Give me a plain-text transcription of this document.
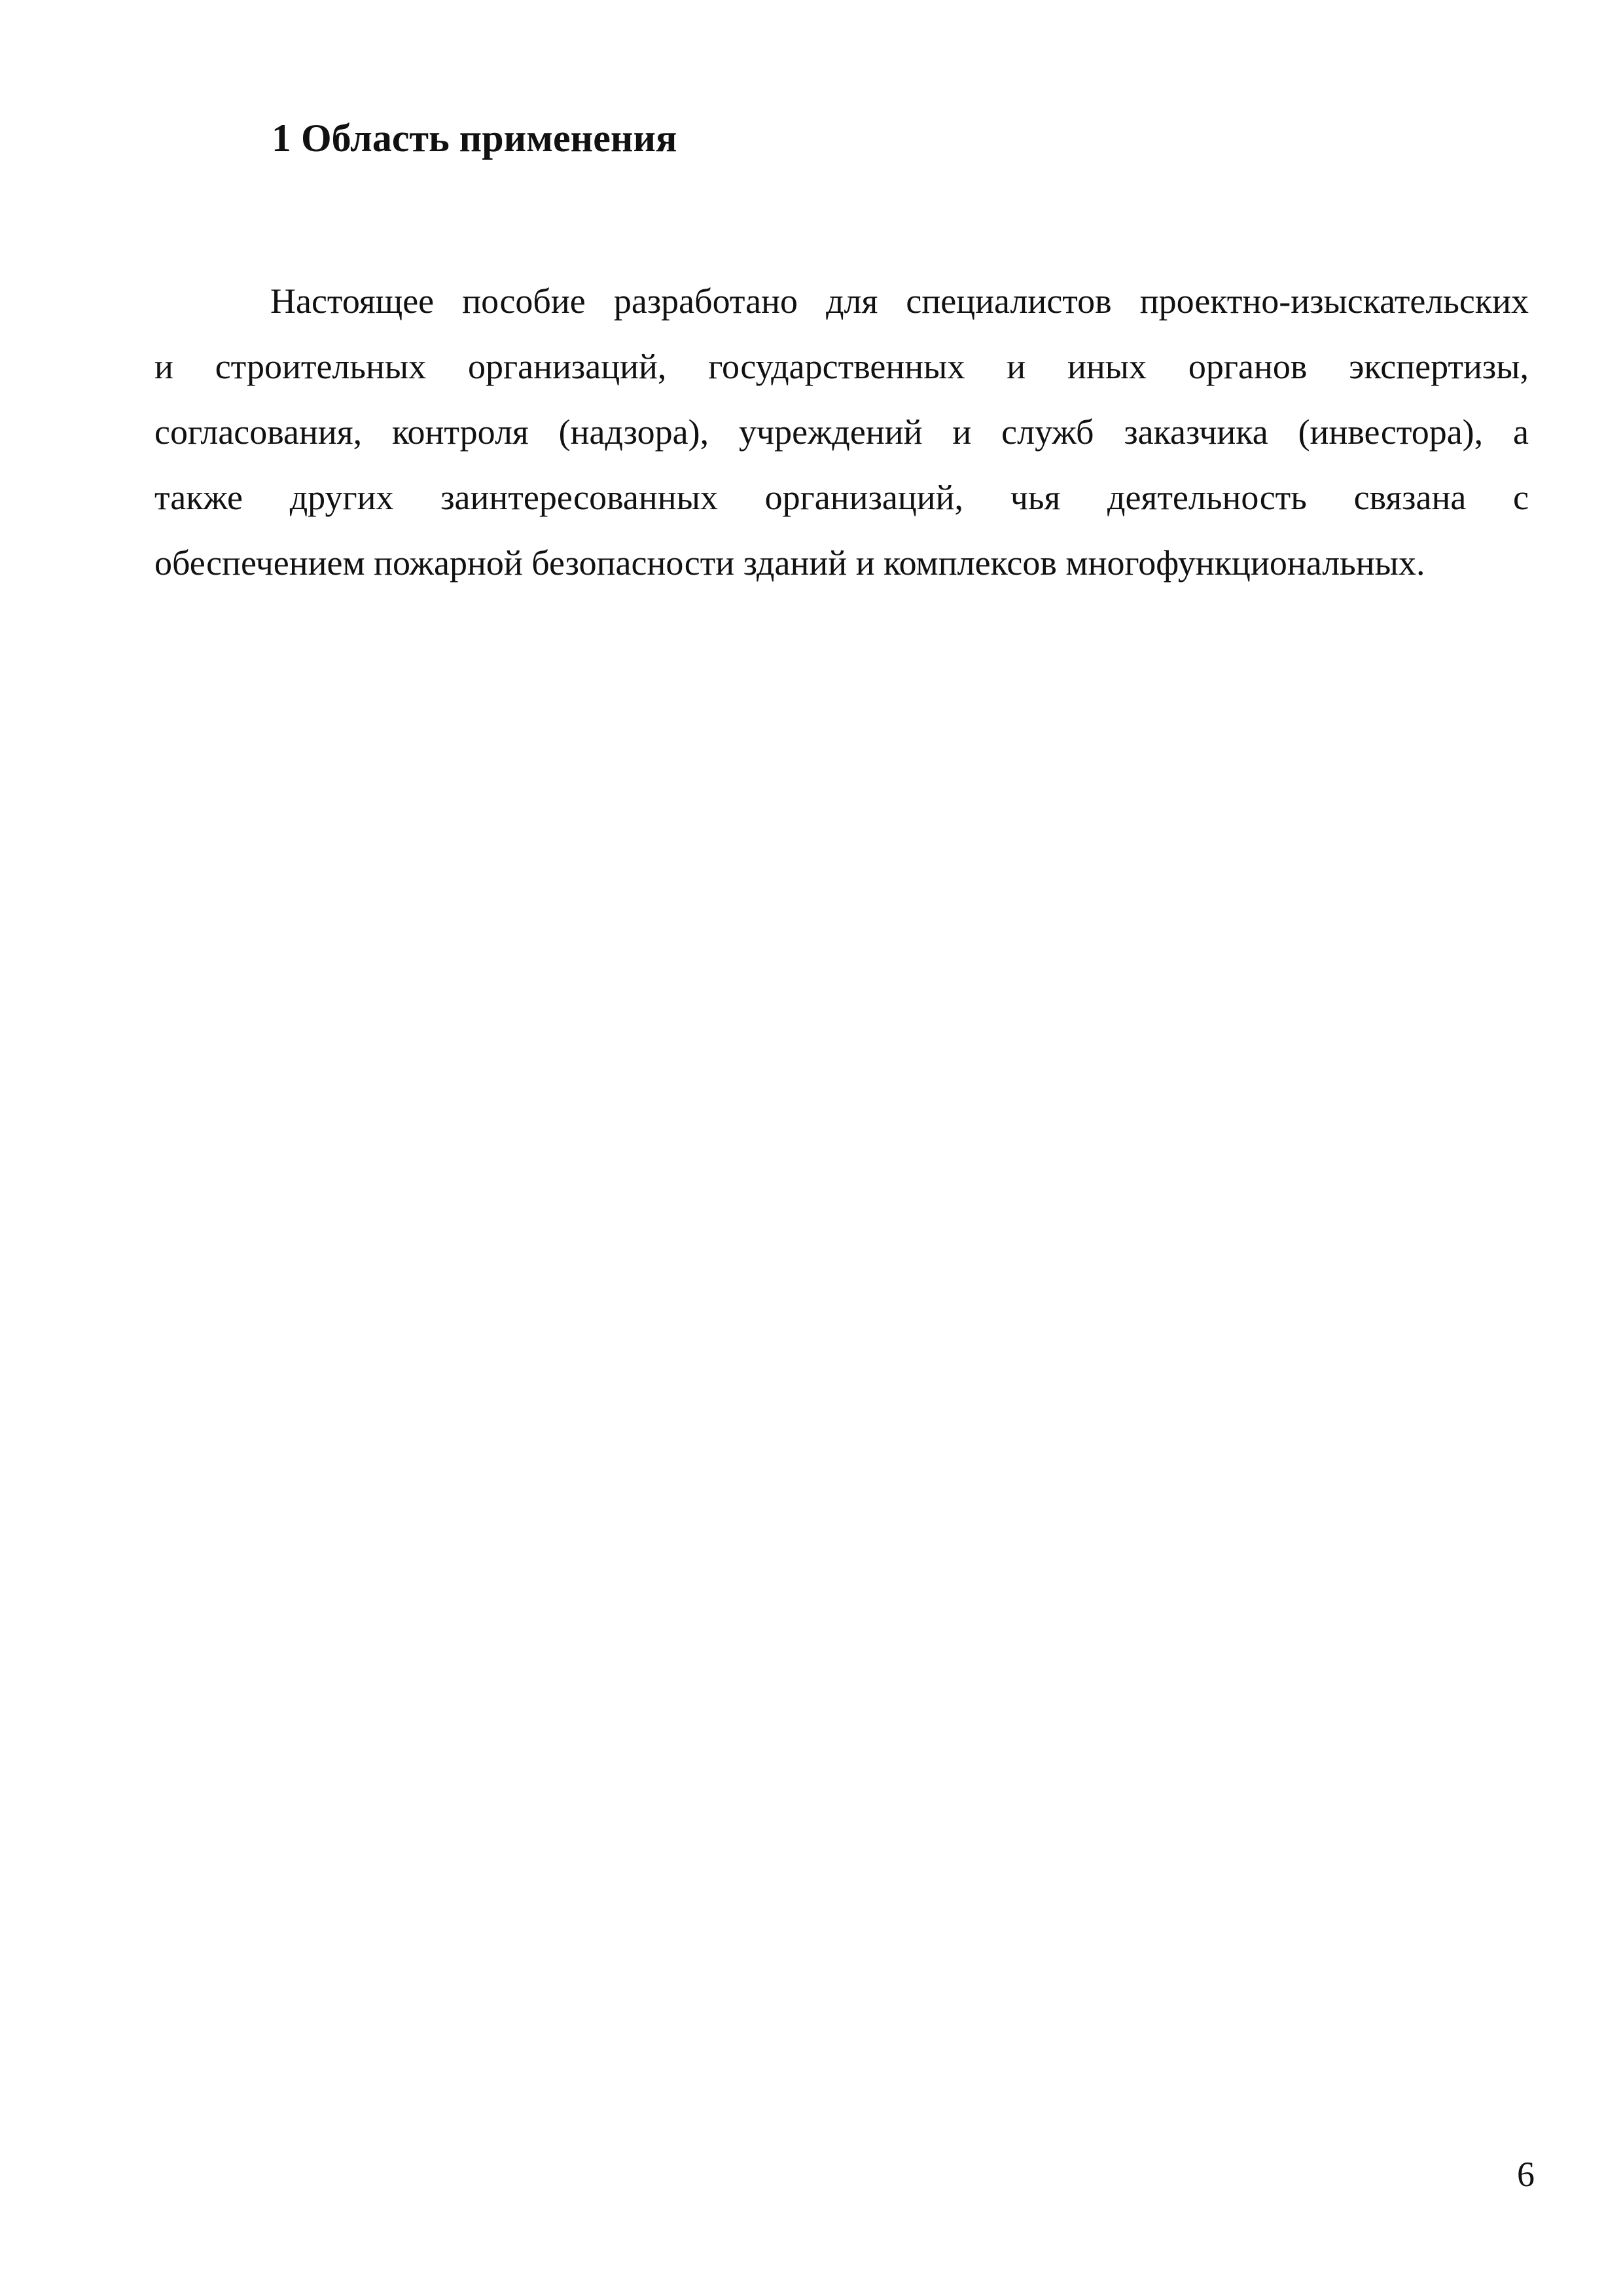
1 Область применения
Настоящее пособие разработано для специалистов проектно-изыскательских
и строительных организаций, государственных и иных органов экспертизы,
согласования, контроля (надзора), учреждений и служб заказчика (инвестора), а
также других заинтересованных организаций, чья деятельность связана с
обеспечением пожарной безопасности зданий и комплексов многофункциональных.
6
